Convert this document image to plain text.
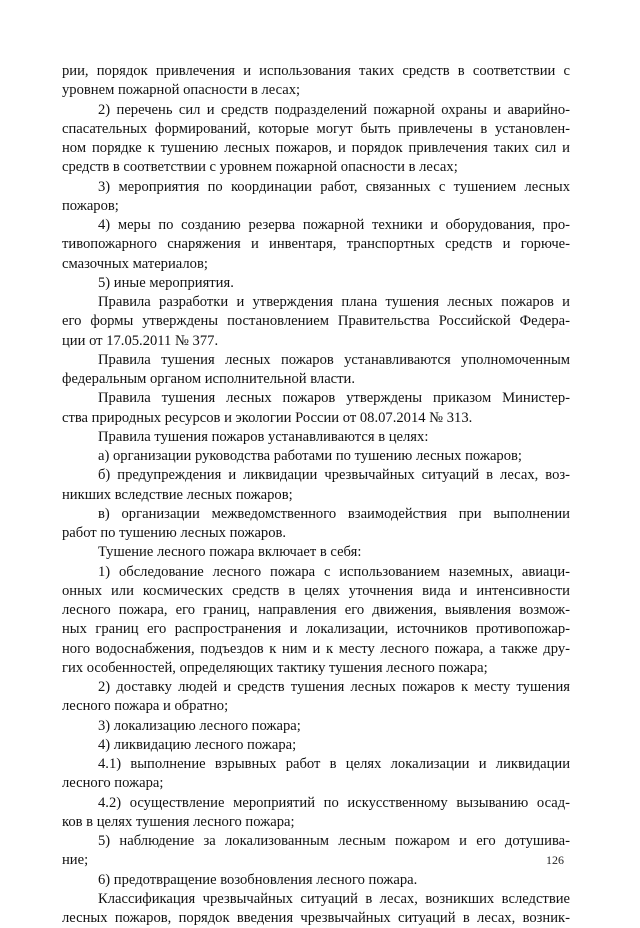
рии, порядок привлечения и использования таких средств в соответствии с
уровнем пожарной опасности в лесах;
2) перечень сил и средств подразделений пожарной охраны и аварийно-
спасательных формирований, которые могут быть привлечены в установлен-
ном порядке к тушению лесных пожаров, и порядок привлечения таких сил и
средств в соответствии с уровнем пожарной опасности в лесах;
3) мероприятия по координации работ, связанных с тушением лесных
пожаров;
4) меры по созданию резерва пожарной техники и оборудования, про-
тивопожарного снаряжения и инвентаря, транспортных средств и горюче-
смазочных материалов;
5) иные мероприятия.
Правила разработки и утверждения плана тушения лесных пожаров и
его формы утверждены постановлением Правительства Российской Федера-
ции от 17.05.2011 № 377.
Правила тушения лесных пожаров устанавливаются уполномоченным
федеральным органом исполнительной власти.
Правила тушения лесных пожаров утверждены приказом Министер-
ства природных ресурсов и экологии России от 08.07.2014 № 313.
Правила тушения пожаров устанавливаются в целях:
а) организации руководства работами по тушению лесных пожаров;
б) предупреждения и ликвидации чрезвычайных ситуаций в лесах, воз-
никших вследствие лесных пожаров;
в) организации межведомственного взаимодействия при выполнении
работ по тушению лесных пожаров.
Тушение лесного пожара включает в себя:
1) обследование лесного пожара с использованием наземных, авиаци-
онных или космических средств в целях уточнения вида и интенсивности
лесного пожара, его границ, направления его движения, выявления возмож-
ных границ его распространения и локализации, источников противопожар-
ного водоснабжения, подъездов к ним и к месту лесного пожара, а также дру-
гих особенностей, определяющих тактику тушения лесного пожара;
2) доставку людей и средств тушения лесных пожаров к месту тушения
лесного пожара и обратно;
3) локализацию лесного пожара;
4) ликвидацию лесного пожара;
4.1) выполнение взрывных работ в целях локализации и ликвидации
лесного пожара;
4.2) осуществление мероприятий по искусственному вызыванию осад-
ков в целях тушения лесного пожара;
5) наблюдение за локализованным лесным пожаром и его дотушива-
ние;
6) предотвращение возобновления лесного пожара.
Классификация чрезвычайных ситуаций в лесах, возникших вследствие
лесных пожаров, порядок введения чрезвычайных ситуаций в лесах, возник-
126
